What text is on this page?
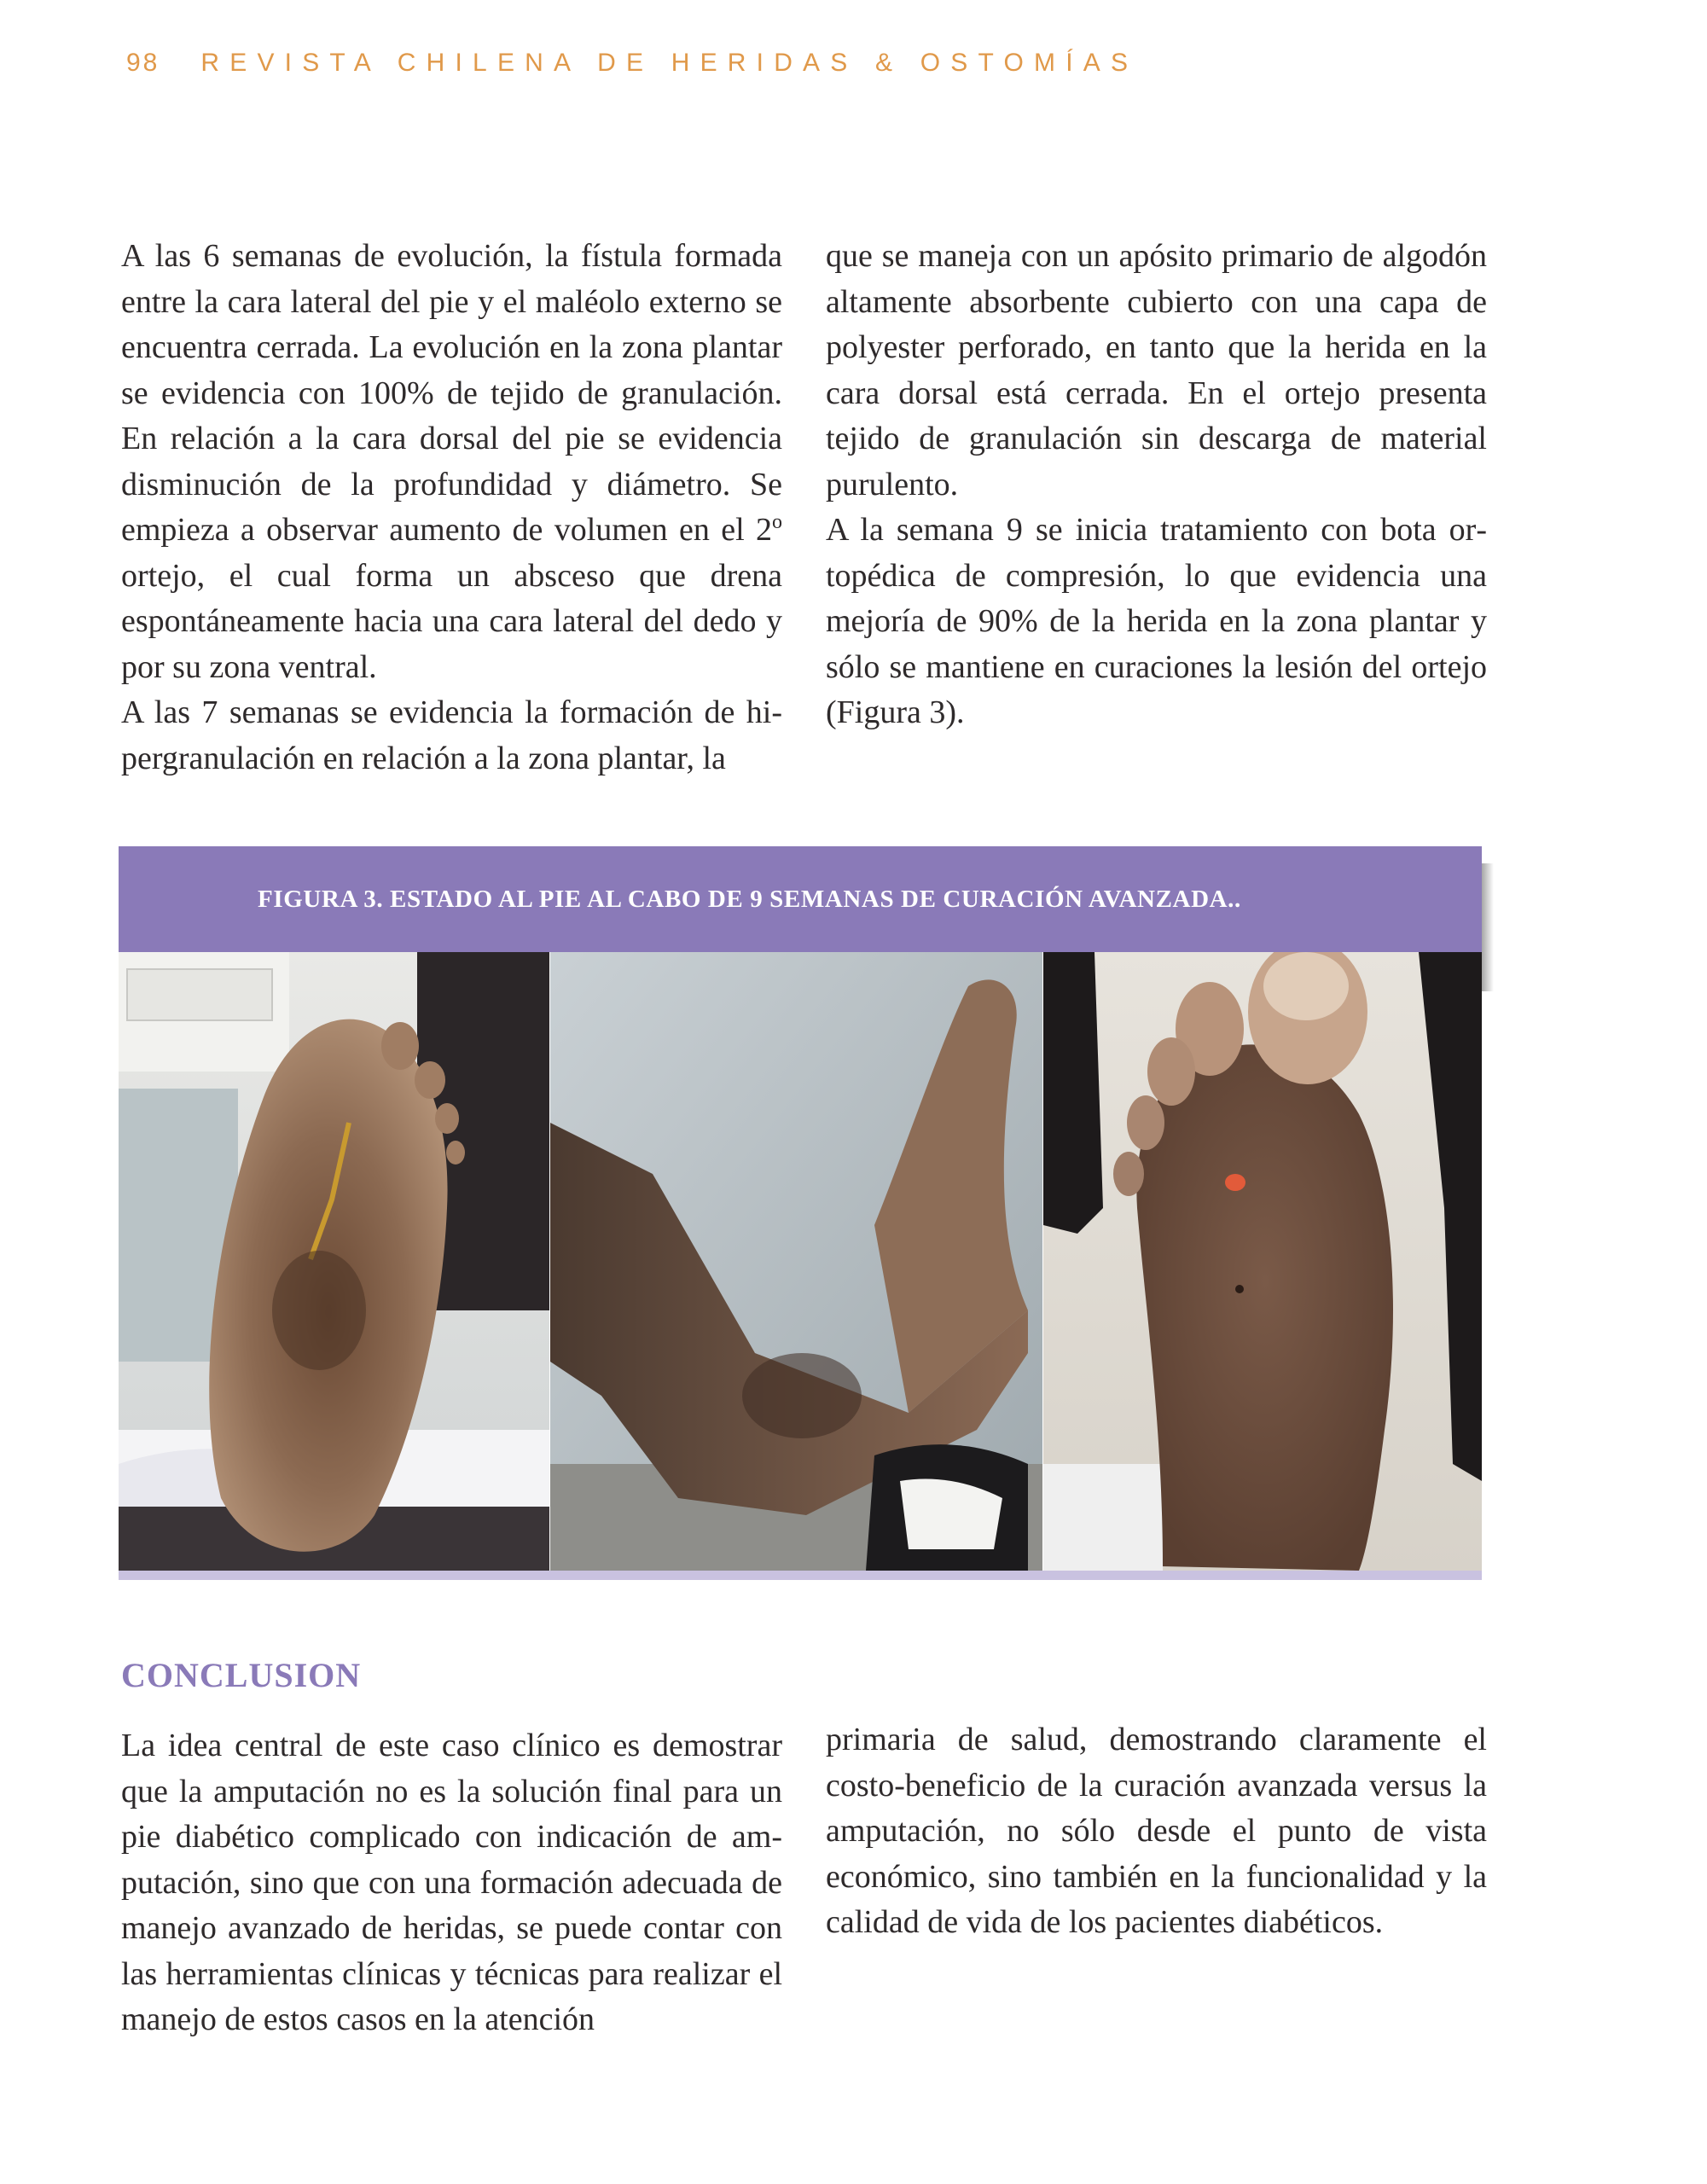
98 REVISTA CHILENA DE HERIDAS & OSTOMÍAS

A las 6 semanas de evolución, la fístula formada entre la cara lateral del pie y el maléolo externo se encuentra cerrada. La evolución en la zona plantar se evidencia con 100% de tejido de granulación. En relación a la cara dorsal del pie se evidencia disminución de la profundidad y diámetro. Se empieza a observar aumento de volumen en el 2$^o$ ortejo, el cual forma un absceso que drena espontáneamente hacia una cara lateral del dedo y por su zona ventral.

A las 7 semanas se evidencia la formación de hipergranulación en relación a la zona plantar, la

que se maneja con un apósito primario de algodón altamente absorbente cubierto con una capa de polyester perforado, en tanto que la herida en la cara dorsal está cerrada. En el ortejo presenta tejido de granulación sin descarga de material purulento.

A la semana 9 se inicia tratamiento con bota ortopédica de compresión, lo que evidencia una mejoría de 90% de la herida en la zona plantar y sólo se mantiene en curaciones la lesión del ortejo (Figura 3).

FIGURA 3. ESTADO AL PIE AL CABO DE 9 SEMANAS DE CURACIÓN AVANZADA..
CONCLUSION

La idea central de este caso clínico es demostrar que la amputación no es la solución final para un pie diabético complicado con indicación de amputación, sino que con una formación adecuada de manejo avanzado de heridas, se puede contar con las herramientas clínicas y técnicas para realizar el manejo de estos casos en la atención

primaria de salud, demostrando claramente el costo-beneficio de la curación avanzada versus la amputación, no sólo desde el punto de vista económico, sino también en la funcionalidad y la calidad de vida de los pacientes diabéticos.
